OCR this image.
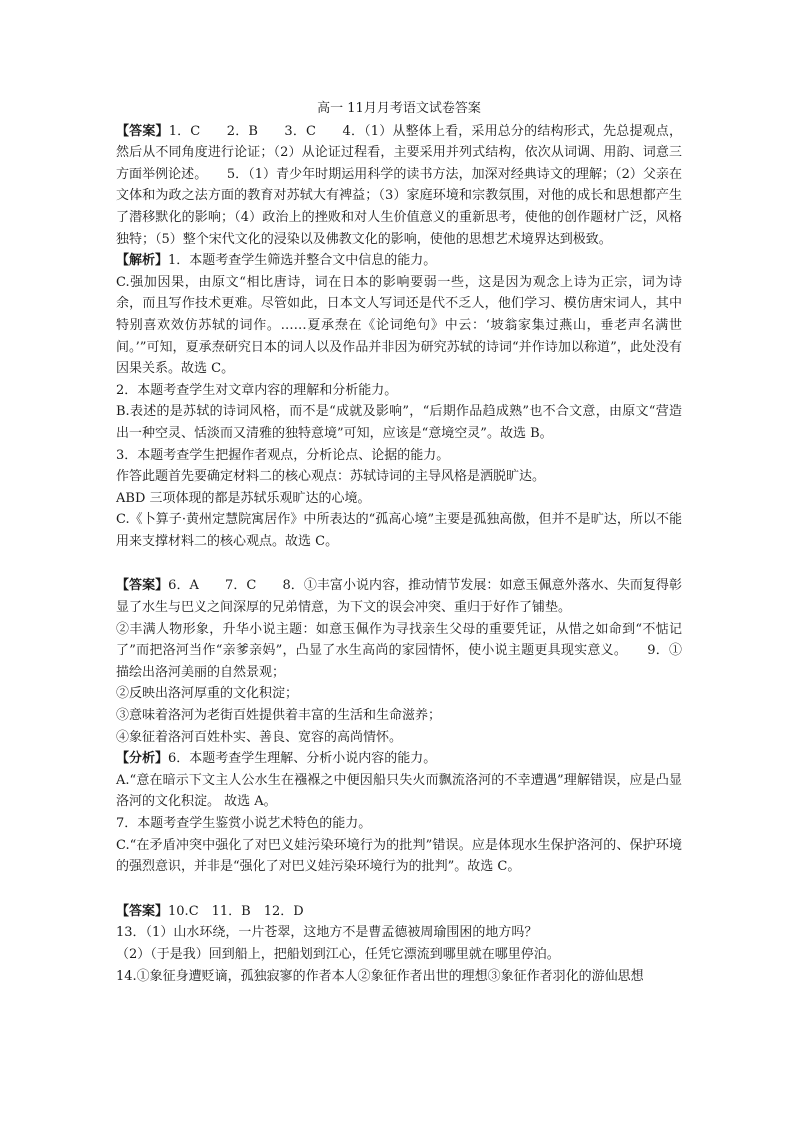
高一 11月月考语文试卷答案

【答案】1．C　　2．B　　3．C　　4．（1）从整体上看，采用总分的结构形式，先总提观点，然后从不同角度进行论证；（2）从论证过程看，主要采用并列式结构，依次从词调、用韵、词意三方面举例论述。　　5．（1）青少年时期运用科学的读书方法，加深对经典诗文的理解；（2）父亲在文体和为政之法方面的教育对苏轼大有裨益；（3）家庭环境和宗教氛围，对他的成长和思想都产生了潜移默化的影响；（4）政治上的挫败和对人生价值意义的重新思考，使他的创作题材广泛，风格独特；（5）整个宋代文化的浸染以及佛教文化的影响，使他的思想艺术境界达到极致。

【解析】1．本题考查学生筛选并整合文中信息的能力。

C.强加因果，由原文“相比唐诗，词在日本的影响要弱一些，这是因为观念上诗为正宗，词为诗余，而且写作技术更难。尽管如此，日本文人写词还是代不乏人，他们学习、模仿唐宋词人，其中特别喜欢效仿苏轼的词作。……夏承焘在《论词绝句》中云：‘坡翁家集过燕山，垂老声名满世间。’”可知，夏承焘研究日本的词人以及作品并非因为研究苏轼的诗词“并作诗加以称道”，此处没有因果关系。故选 C。

2．本题考查学生对文章内容的理解和分析能力。

B.表述的是苏轼的诗词风格，而不是“成就及影响”，“后期作品趋成熟”也不合文意，由原文“营造出一种空灵、恬淡而又清雅的独特意境”可知，应该是“意境空灵”。故选 B。

3．本题考查学生把握作者观点，分析论点、论据的能力。

作答此题首先要确定材料二的核心观点：苏轼诗词的主导风格是洒脱旷达。

ABD 三项体现的都是苏轼乐观旷达的心境。

C.《卜算子·黄州定慧院寓居作》中所表达的“孤高心境”主要是孤独高傲，但并不是旷达，所以不能用来支撑材料二的核心观点。故选 C。

【答案】6．A　　7．C　　8．①丰富小说内容，推动情节发展：如意玉佩意外落水、失而复得彰显了水生与巴义之间深厚的兄弟情意，为下文的误会冲突、重归于好作了铺垫。

②丰满人物形象，升华小说主题：如意玉佩作为寻找亲生父母的重要凭证，从惜之如命到“不惦记了”而把洛河当作“亲爹亲妈”，凸显了水生高尚的家园情怀，使小说主题更具现实意义。　　9．①描绘出洛河美丽的自然景观；

②反映出洛河厚重的文化积淀；

③意味着洛河为老街百姓提供着丰富的生活和生命滋养；

④象征着洛河百姓朴实、善良、宽容的高尚情怀。

【分析】6．本题考查学生理解、分析小说内容的能力。

A.“意在暗示下文主人公水生在襁褓之中便因船只失火而飘流洛河的不幸遭遇”理解错误，应是凸显洛河的文化积淀。 故选 A。

7．本题考查学生鉴赏小说艺术特色的能力。

C.“在矛盾冲突中强化了对巴义娃污染环境行为的批判”错误。应是体现水生保护洛河的、保护环境的强烈意识，并非是“强化了对巴义娃污染环境行为的批判”。故选 C。

【答案】10.C　11．B　12．D

13．（1）山水环绕，一片苍翠，这地方不是曹孟德被周瑜围困的地方吗？

（2）（于是我）回到船上，把船划到江心，任凭它漂流到哪里就在哪里停泊。

14.①象征身遭贬谪，孤独寂寥的作者本人②象征作者出世的理想③象征作者羽化的游仙思想
